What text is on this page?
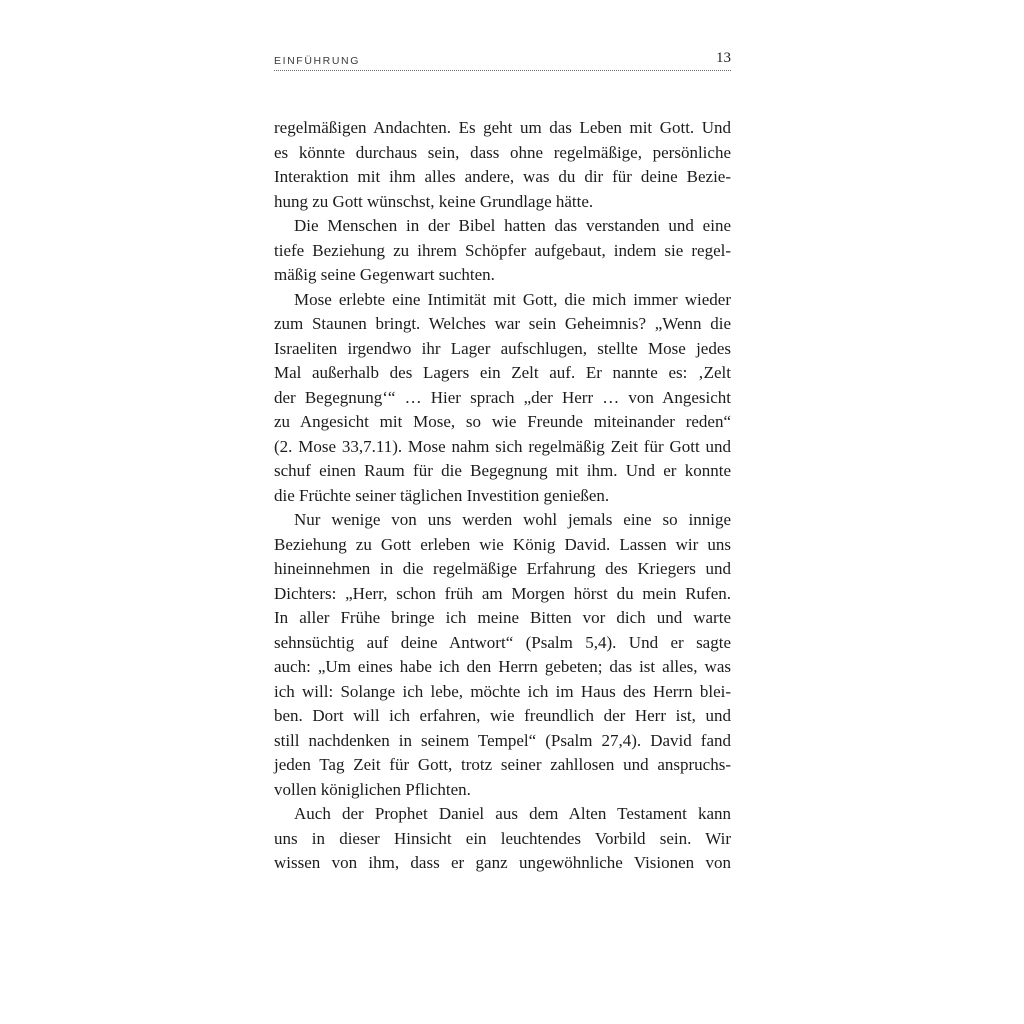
EINFÜHRUNG	13
regelmäßigen Andachten. Es geht um das Leben mit Gott. Und
es könnte durchaus sein, dass ohne regelmäßige, persönliche
Interaktion mit ihm alles andere, was du dir für deine Bezie-
hung zu Gott wünschst, keine Grundlage hätte.
Die Menschen in der Bibel hatten das verstanden und eine
tiefe Beziehung zu ihrem Schöpfer aufgebaut, indem sie regel-
mäßig seine Gegenwart suchten.
Mose erlebte eine Intimität mit Gott, die mich immer wieder
zum Staunen bringt. Welches war sein Geheimnis? „Wenn die
Israeliten irgendwo ihr Lager aufschlugen, stellte Mose jedes
Mal außerhalb des Lagers ein Zelt auf. Er nannte es: ‚Zelt
der Begegnung‘“ … Hier sprach „der Herr … von Angesicht
zu Angesicht mit Mose, so wie Freunde miteinander reden“
(2. Mose 33,7.11). Mose nahm sich regelmäßig Zeit für Gott und
schuf einen Raum für die Begegnung mit ihm. Und er konnte
die Früchte seiner täglichen Investition genießen.
Nur wenige von uns werden wohl jemals eine so innige
Beziehung zu Gott erleben wie König David. Lassen wir uns
hineinnehmen in die regelmäßige Erfahrung des Kriegers und
Dichters: „Herr, schon früh am Morgen hörst du mein Rufen.
In aller Frühe bringe ich meine Bitten vor dich und warte
sehnsüchtig auf deine Antwort“ (Psalm 5,4). Und er sagte
auch: „Um eines habe ich den Herrn gebeten; das ist alles, was
ich will: Solange ich lebe, möchte ich im Haus des Herrn blei-
ben. Dort will ich erfahren, wie freundlich der Herr ist, und
still nachdenken in seinem Tempel“ (Psalm 27,4). David fand
jeden Tag Zeit für Gott, trotz seiner zahllosen und anspruchs-
vollen königlichen Pflichten.
Auch der Prophet Daniel aus dem Alten Testament kann
uns in dieser Hinsicht ein leuchtendes Vorbild sein. Wir
wissen von ihm, dass er ganz ungewöhnliche Visionen von
